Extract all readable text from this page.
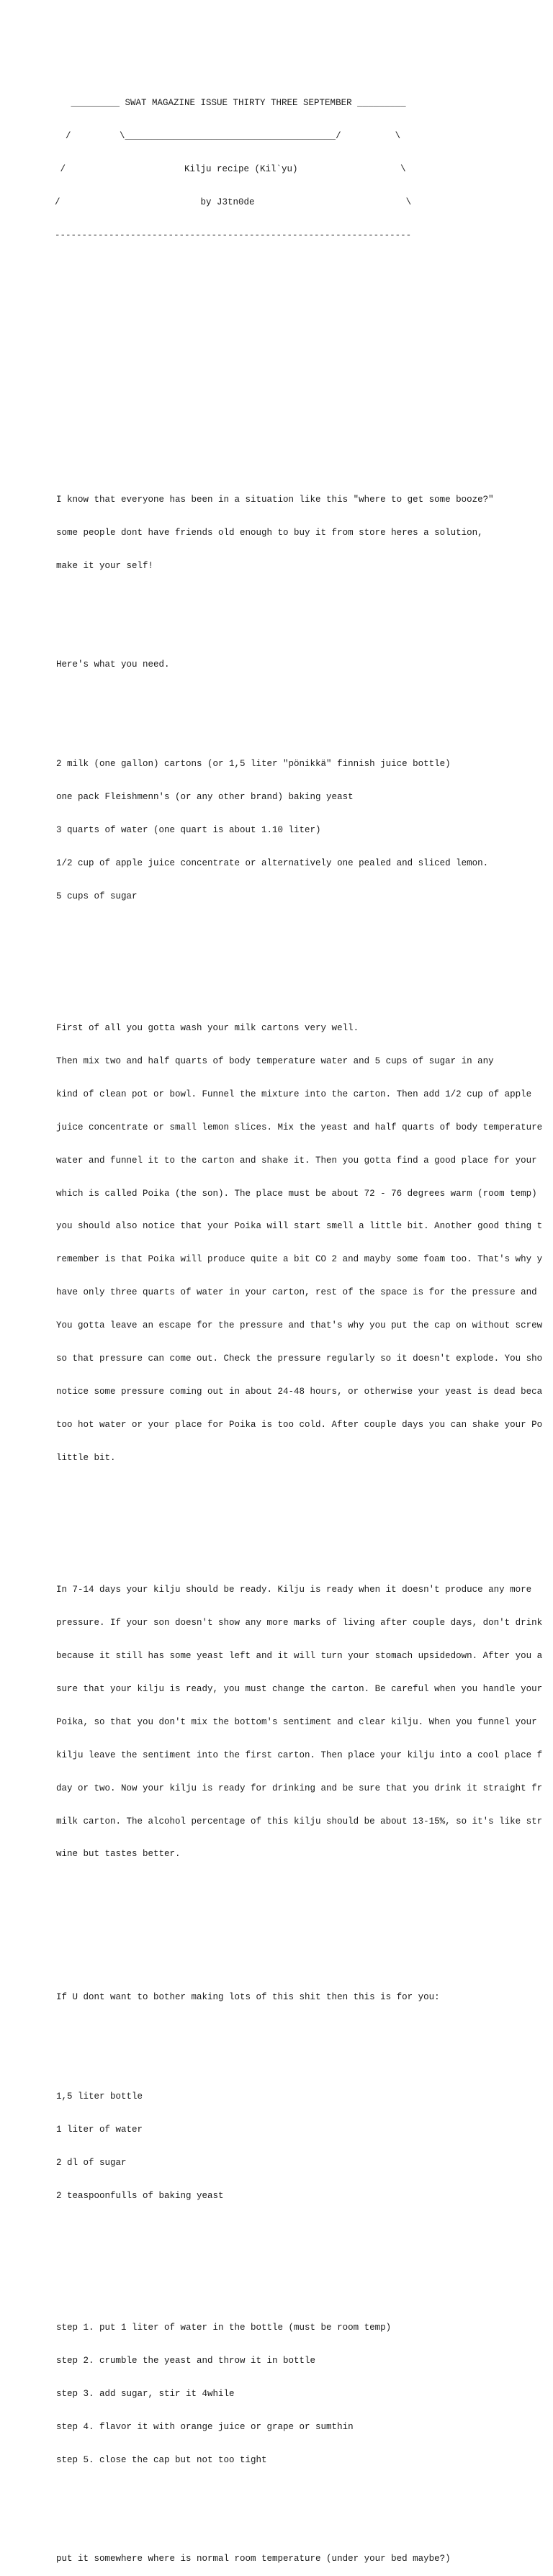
_________ SWAT MAGAZINE ISSUE THIRTY THREE SEPTEMBER _________

/         \_______________________________________/          \

/                      Kilju recipe (Kil`yu)                   \

/                          by J3tn0de                            \

------------------------------------------------------------------

I know that everyone has been in a situation like this "where to get some booze?"

some people dont have friends old enough to buy it from store heres a solution,

make it your self!

Here's what you need.

2 milk (one gallon) cartons (or 1,5 liter "pönikkä" finnish juice bottle)

one pack Fleishmenn's (or any other brand) baking yeast

3 quarts of water (one quart is about 1.10 liter)

1/2 cup of apple juice concentrate or alternatively one pealed and sliced lemon.

5 cups of sugar

First of all you gotta wash your milk cartons very well.

Then mix two and half quarts of body temperature water and 5 cups of sugar in any

kind of clean pot or bowl. Funnel the mixture into the carton. Then add 1/2 cup of apple

juice concentrate or small lemon slices. Mix the yeast and half quarts of body temperature

water and funnel it to the carton and shake it. Then you gotta find a good place for your

which is called Poika (the son). The place must be about 72 - 76 degrees warm (room temp)

you should also notice that your Poika will start smell a little bit. Another good thing t

remember is that Poika will produce quite a bit CO 2 and mayby some foam too. That's why y

have only three quarts of water in your carton, rest of the space is for the pressure and

You gotta leave an escape for the pressure and that's why you put the cap on without screw

so that pressure can come out. Check the pressure regularly so it doesn't explode. You sho

notice some pressure coming out in about 24-48 hours, or otherwise your yeast is dead beca

too hot water or your place for Poika is too cold. After couple days you can shake your Po

little bit.

In 7-14 days your kilju should be ready. Kilju is ready when it doesn't produce any more

pressure. If your son doesn't show any more marks of living after couple days, don't drink

because it still has some yeast left and it will turn your stomach upsidedown. After you a

sure that your kilju is ready, you must change the carton. Be careful when you handle your

Poika, so that you don't mix the bottom's sentiment and clear kilju. When you funnel your

kilju leave the sentiment into the first carton. Then place your kilju into a cool place f

day or two. Now your kilju is ready for drinking and be sure that you drink it straight fr

milk carton. The alcohol percentage of this kilju should be about 13-15%, so it's like str

wine but tastes better.

If U dont want to bother making lots of this shit then this is for you:

1,5 liter bottle

1 liter of water

2 dl of sugar

2 teaspoonfulls of baking yeast

step 1. put 1 liter of water in the bottle (must be room temp)

step 2. crumble the yeast and throw it in bottle

step 3. add sugar, stir it 4while

step 4. flavor it with orange juice or grape or sumthin

step 5. close the cap but not too tight

put it somewhere where is normal room temperature (under your bed maybe?)
